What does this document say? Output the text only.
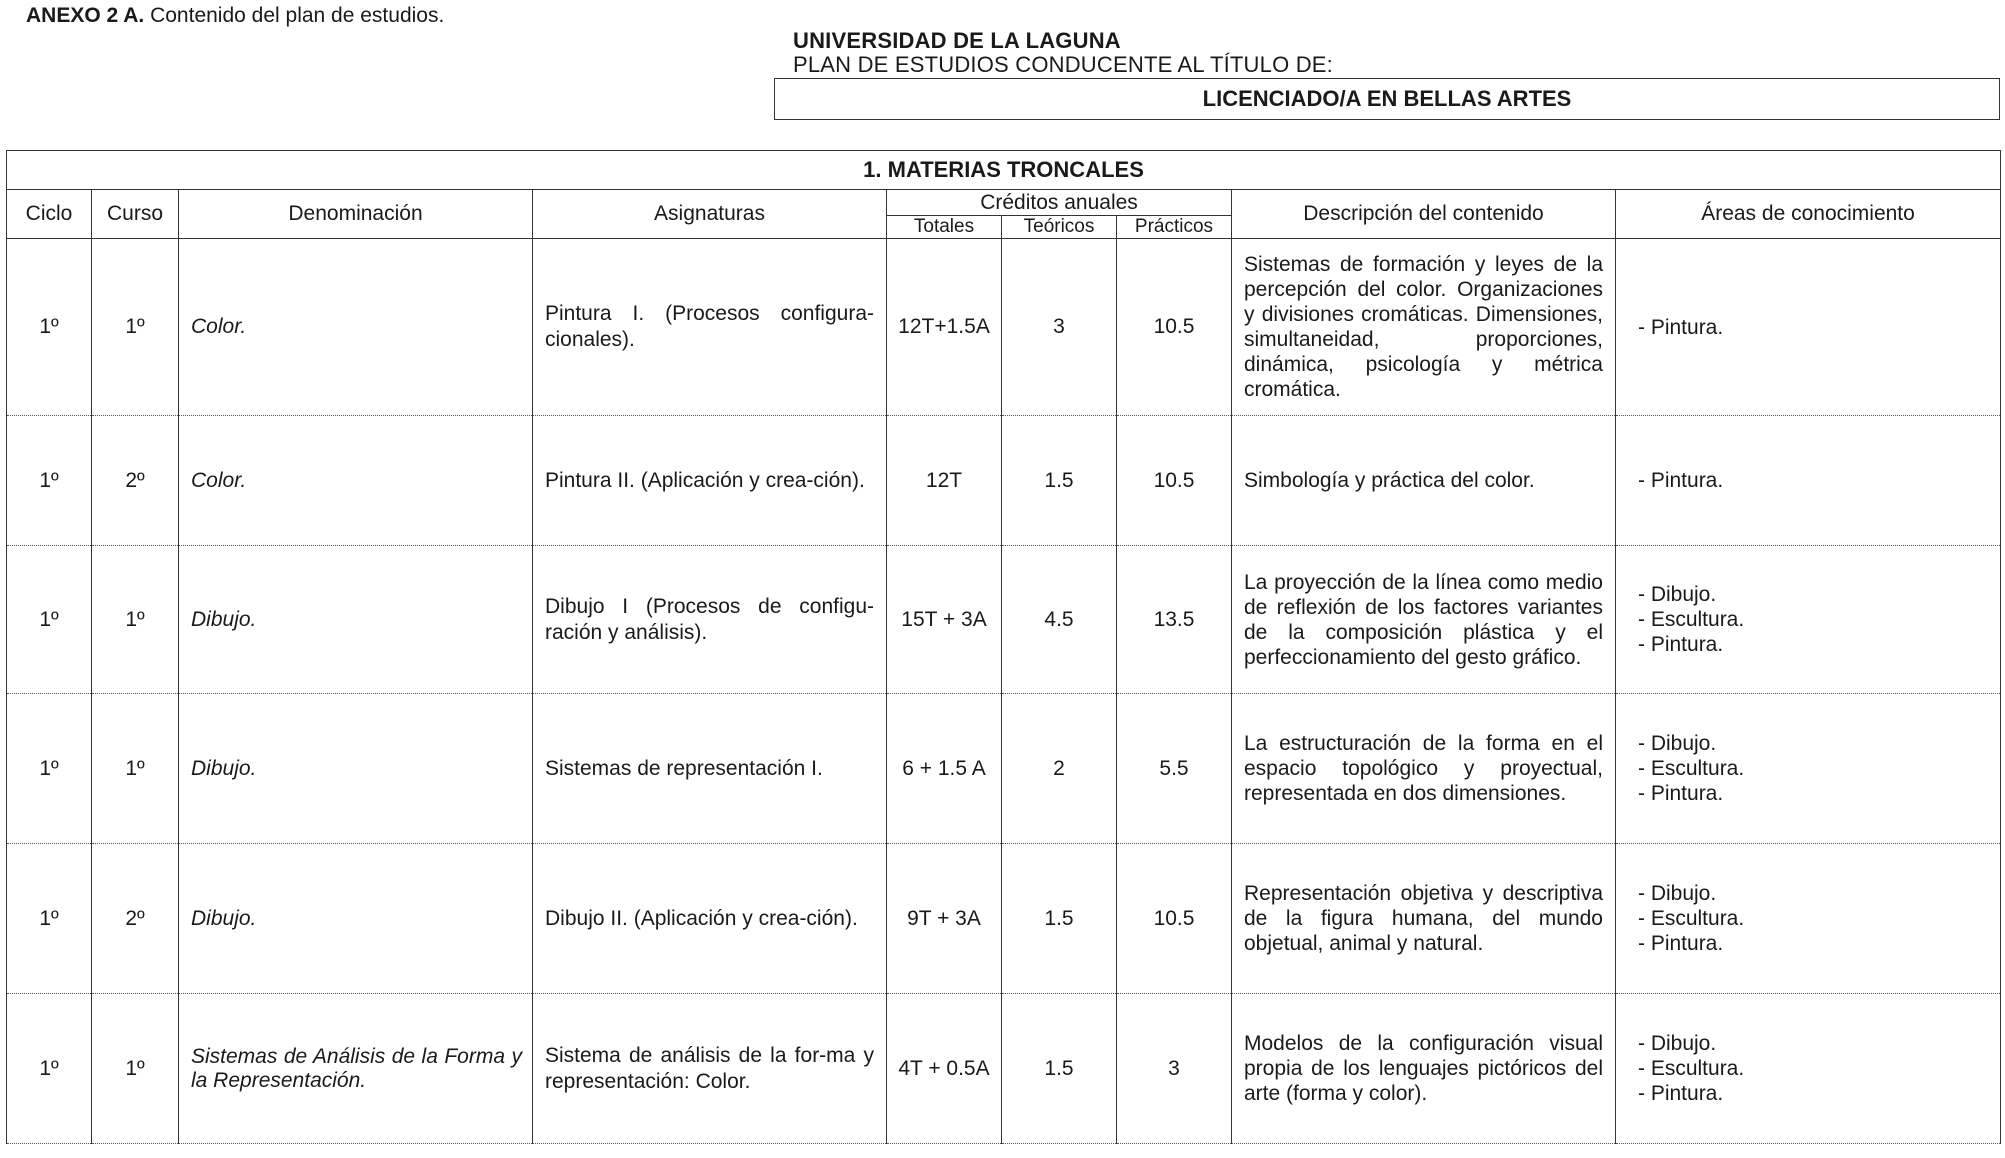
ANEXO 2 A. Contenido del plan de estudios.
UNIVERSIDAD DE LA LAGUNA
PLAN DE ESTUDIOS CONDUCENTE AL TÍTULO DE:
LICENCIADO/A EN BELLAS ARTES
1. MATERIAS TRONCALES								
Ciclo	Curso	Denominación	Asignaturas	Créditos anuales			Descripción del contenido	Áreas de conocimiento
				Totales	Teóricos	Prácticos		
1º	1º	Color.	Pintura I. (Procesos configura-cionales).	12T+1.5A	3	10.5	Sistemas de formación y leyes de la percepción del color. Organizaciones y divisiones cromáticas. Dimensiones, simultaneidad, proporciones, dinámica, psicología y métrica cromática.	- Pintura.

1º	2º	Color.	Pintura II. (Aplicación y crea-ción).	12T	1.5	10.5	Simbología y práctica del color.	- Pintura.

1º	1º	Dibujo.	Dibujo I (Procesos de configu-ración y análisis).	15T + 3A	4.5	13.5	La proyección de la línea como medio de reflexión de los factores variantes de la composición plástica y el perfeccionamiento del gesto gráfico.	- Dibujo.
- Escultura.
- Pintura.

1º	1º	Dibujo.	Sistemas de representación I.	6 + 1.5 A	2	5.5	La estructuración de la forma en el espacio topológico y proyectual, representada en dos dimensiones.	- Dibujo.
- Escultura.
- Pintura.

1º	2º	Dibujo.	Dibujo II. (Aplicación y crea-ción).	9T + 3A	1.5	10.5	Representación objetiva y descriptiva de la figura humana, del mundo objetual, animal y natural.	- Dibujo.
- Escultura.
- Pintura.

1º	1º	Sistemas de Análisis de la Forma y la Representación.	Sistema de análisis de la for-ma y representación: Color.	4T + 0.5A	1.5	3	Modelos de la configuración visual propia de los lenguajes pictóricos del arte (forma y color).	- Dibujo.
- Escultura.
- Pintura.
